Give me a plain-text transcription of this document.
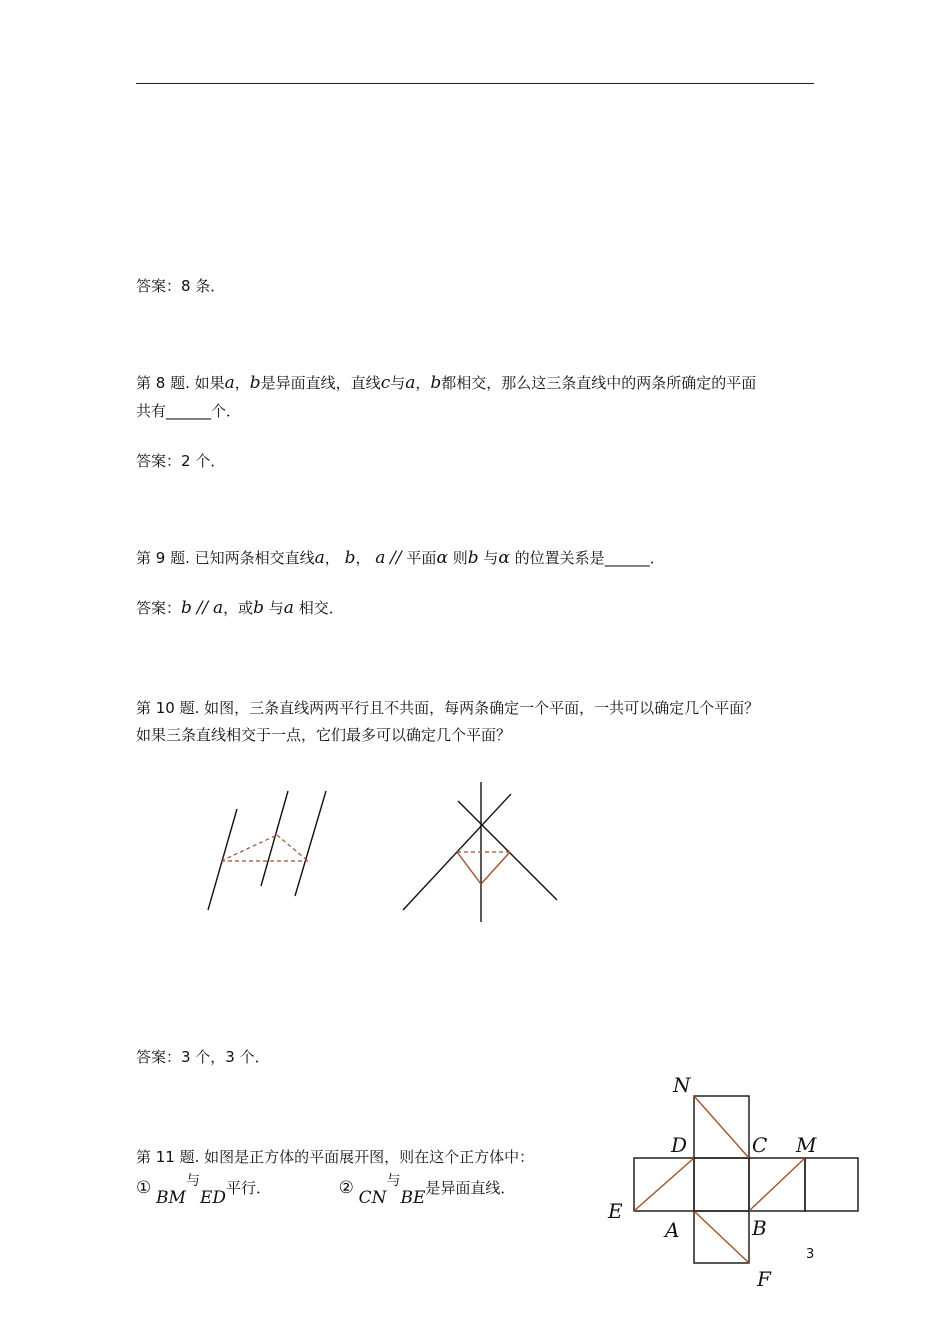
答案：8 条．
第 8 题. 如果a，b是异面直线，直线c与a，b都相交，那么这三条直线中的两条所确定的平面
共有______个．
答案：2 个．
第 9 题. 已知两条相交直线a， b， a // 平面α 则b 与α 的位置关系是______．
答案：b // a，或b 与a 相交．
第 10 题. 如图，三条直线两两平行且不共面，每两条确定一个平面，一共可以确定几个平面？
如果三条直线相交于一点，它们最多可以确定几个平面？
答案：3 个，3 个．
第 11 题. 如图是正方体的平面展开图，则在这个正方体中：
① BM与ED平行．	② CN与BE是异面直线．
N
D	C M
E
A	B
F
3
